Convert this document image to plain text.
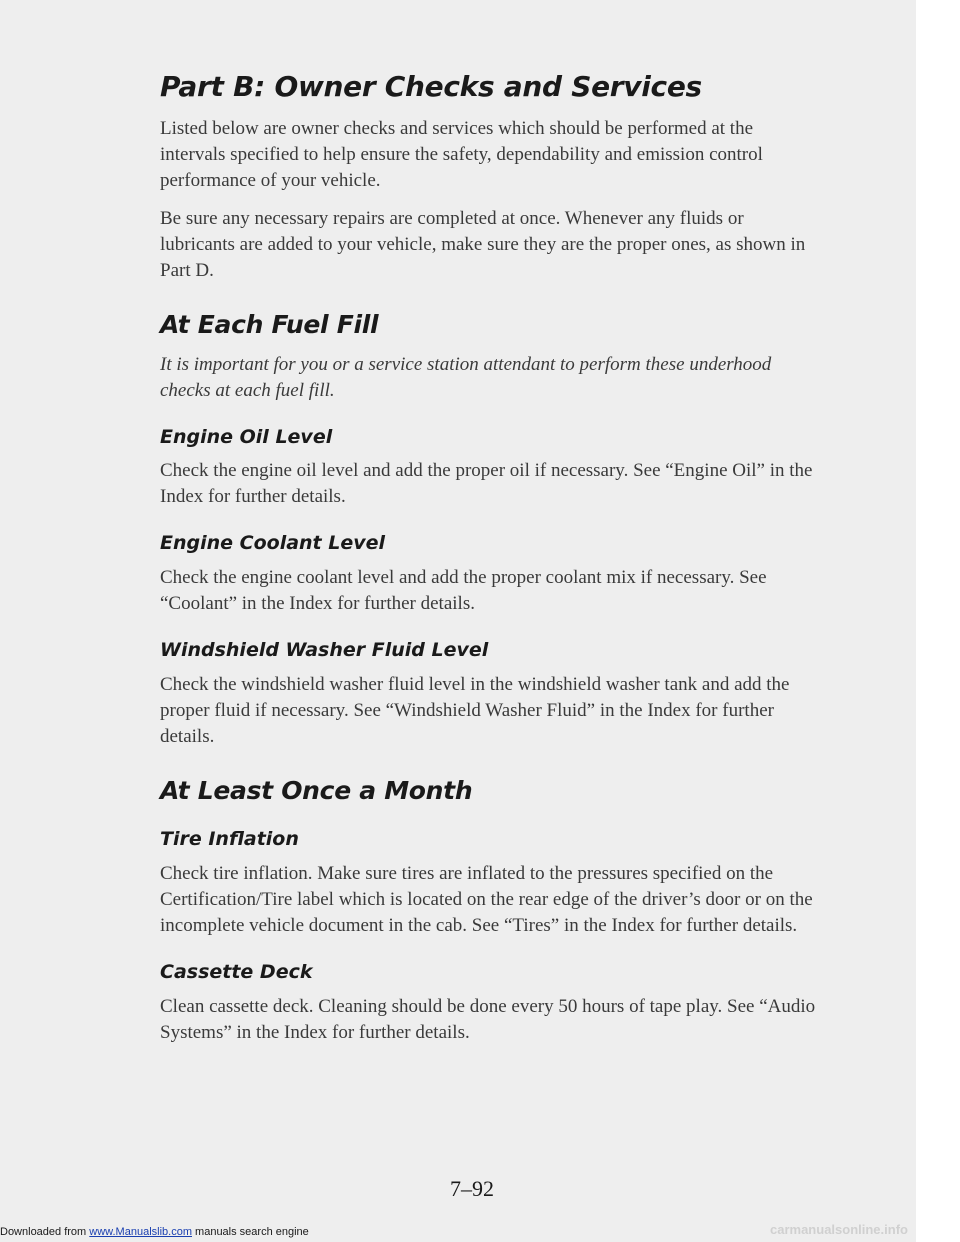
Part B: Owner Checks and Services

Listed below are owner checks and services which should be performed at the intervals specified to help ensure the safety, dependability and emission control performance of your vehicle.

Be sure any necessary repairs are completed at once. Whenever any fluids or lubricants are added to your vehicle, make sure they are the proper ones, as shown in Part D.

At Each Fuel Fill

It is important for you or a service station attendant to perform these underhood checks at each fuel fill.

Engine Oil Level

Check the engine oil level and add the proper oil if necessary. See “Engine Oil” in the Index for further details.

Engine Coolant Level

Check the engine coolant level and add the proper coolant mix if necessary. See “Coolant” in the Index for further details.

Windshield Washer Fluid Level

Check the windshield washer fluid level in the windshield washer tank and add the proper fluid if necessary. See “Windshield Washer Fluid” in the Index for further details.

At Least Once a Month
Tire Inflation

Check tire inflation. Make sure tires are inflated to the pressures specified on the Certification/Tire label which is located on the rear edge of the driver’s door or on the incomplete vehicle document in the cab. See “Tires” in the Index for further details.

Cassette Deck

Clean cassette deck. Cleaning should be done every 50 hours of tape play. See “Audio Systems” in the Index for further details.

7–92
Downloaded from www.Manualslib.com manuals search engine	carmanualsonline.info
